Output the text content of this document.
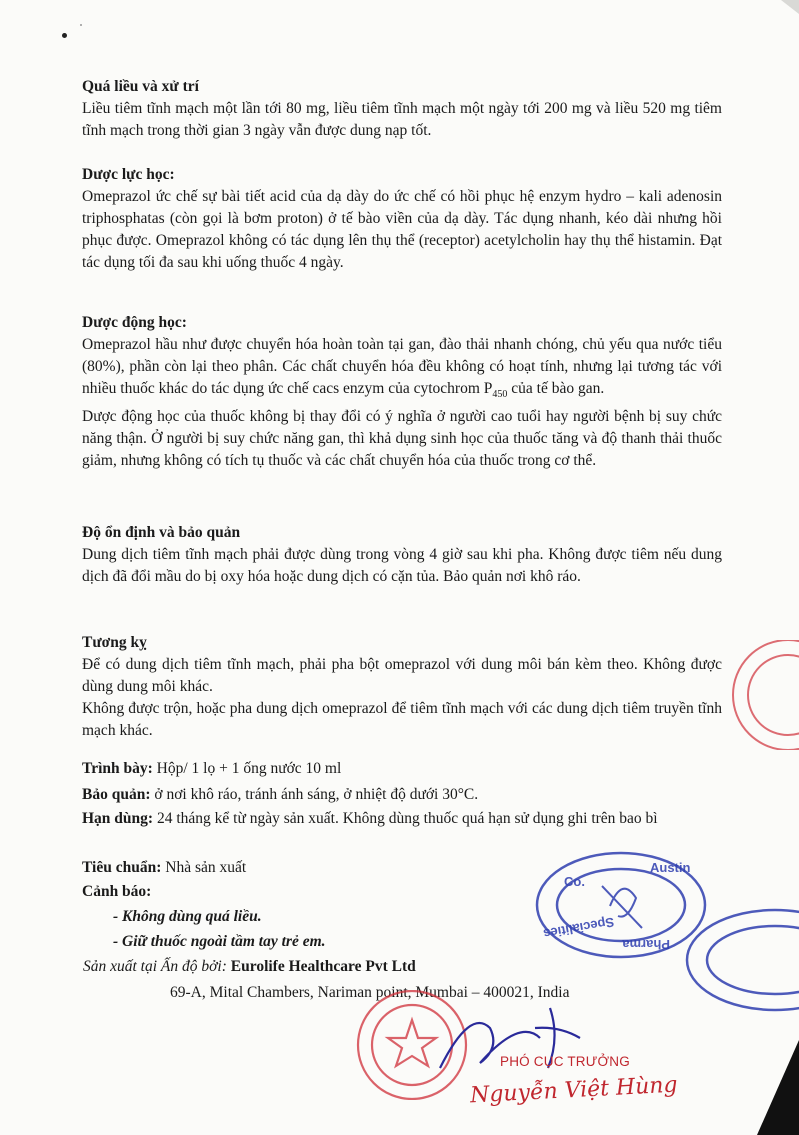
Quá liều và xử trí

Liều tiêm tĩnh mạch một lần tới 80 mg, liều tiêm tĩnh mạch một ngày tới 200 mg và liều 520 mg tiêm tĩnh mạch trong thời gian 3 ngày vẫn được dung nạp tốt.

Dược lực học:

Omeprazol ức chế sự bài tiết acid của dạ dày do ức chế có hồi phục hệ enzym hydro – kali adenosin triphosphatas (còn gọi là bơm proton) ở tế bào viền của dạ dày. Tác dụng nhanh, kéo dài nhưng hồi phục được. Omeprazol không có tác dụng lên thụ thể (receptor) acetylcholin hay thụ thể histamin. Đạt tác dụng tối đa sau khi uống thuốc 4 ngày.

Dược động học:

Omeprazol hầu như được chuyển hóa hoàn toàn tại gan, đào thải nhanh chóng, chủ yếu qua nước tiểu (80%), phần còn lại theo phân. Các chất chuyển hóa đều không có hoạt tính, nhưng lại tương tác với nhiều thuốc khác do tác dụng ức chế cacs enzym của cytochrom $P_{450}$ của tế bào gan.

Dược động học của thuốc không bị thay đổi có ý nghĩa ở người cao tuổi hay người bệnh bị suy chức năng thận. Ở người bị suy chức năng gan, thì khả dụng sinh học của thuốc tăng và độ thanh thải thuốc giảm, nhưng không có tích tụ thuốc và các chất chuyển hóa của thuốc trong cơ thể.

Độ ổn định và bảo quản

Dung dịch tiêm tĩnh mạch phải được dùng trong vòng 4 giờ sau khi pha. Không được tiêm nếu dung dịch đã đổi mầu do bị oxy hóa hoặc dung dịch có cặn tủa. Bảo quản nơi khô ráo.

Tương kỵ

Để có dung dịch tiêm tĩnh mạch, phải pha bột omeprazol với dung môi bán kèm theo. Không được dùng dung môi khác.

Không được trộn, hoặc pha dung dịch omeprazol để tiêm tĩnh mạch với các dung dịch tiêm truyền tĩnh mạch khác.

Trình bày: Hộp/ 1 lọ + 1 ống nước 10 ml
Bảo quản: ở nơi khô ráo, tránh ánh sáng, ở nhiệt độ dưới 30°C.
Hạn dùng: 24 tháng kể từ ngày sản xuất. Không dùng thuốc quá hạn sử dụng ghi trên bao bì
Tiêu chuẩn: Nhà sản xuất
Cảnh báo:
- Không dùng quá liều.
- Giữ thuốc ngoài tầm tay trẻ em.
Sản xuất tại Ấn độ bởi: Eurolife Healthcare Pvt Ltd
69-A, Mital Chambers, Nariman point, Mumbai – 400021, India
Austin
Pharma
Specialities
Co.
PHÓ CỤC TRƯỞNG
Nguyễn Việt Hùng
